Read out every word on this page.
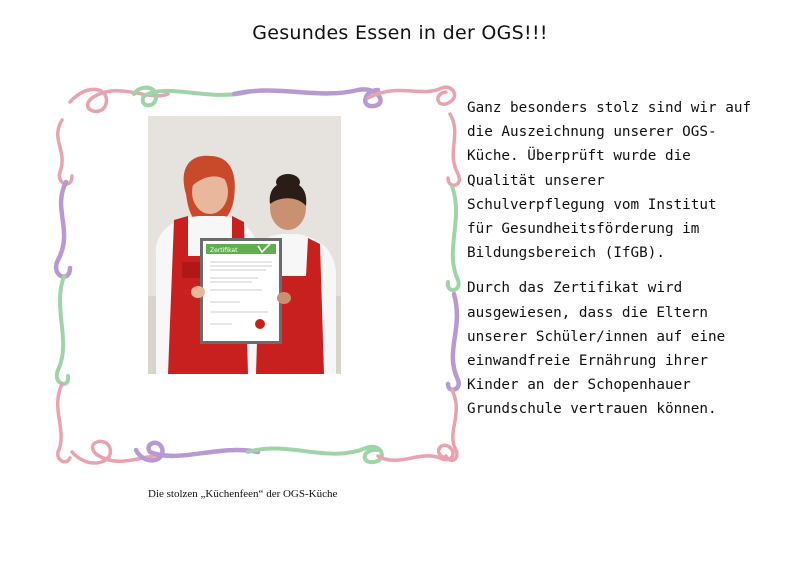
Gesundes Essen in der OGS!!!
Zertifikat
Die stolzen „Küchenfeen“ der OGS-Küche

Ganz besonders stolz sind wir auf
die Auszeichnung unserer OGS-
Küche. Überprüft wurde die
Qualität unserer
Schulverpflegung vom Institut
für Gesundheitsförderung im
Bildungsbereich (IfGB).

Durch das Zertifikat wird
ausgewiesen, dass die Eltern
unserer Schüler/innen auf eine
einwandfreie Ernährung ihrer
Kinder an der Schopenhauer
Grundschule vertrauen können.
